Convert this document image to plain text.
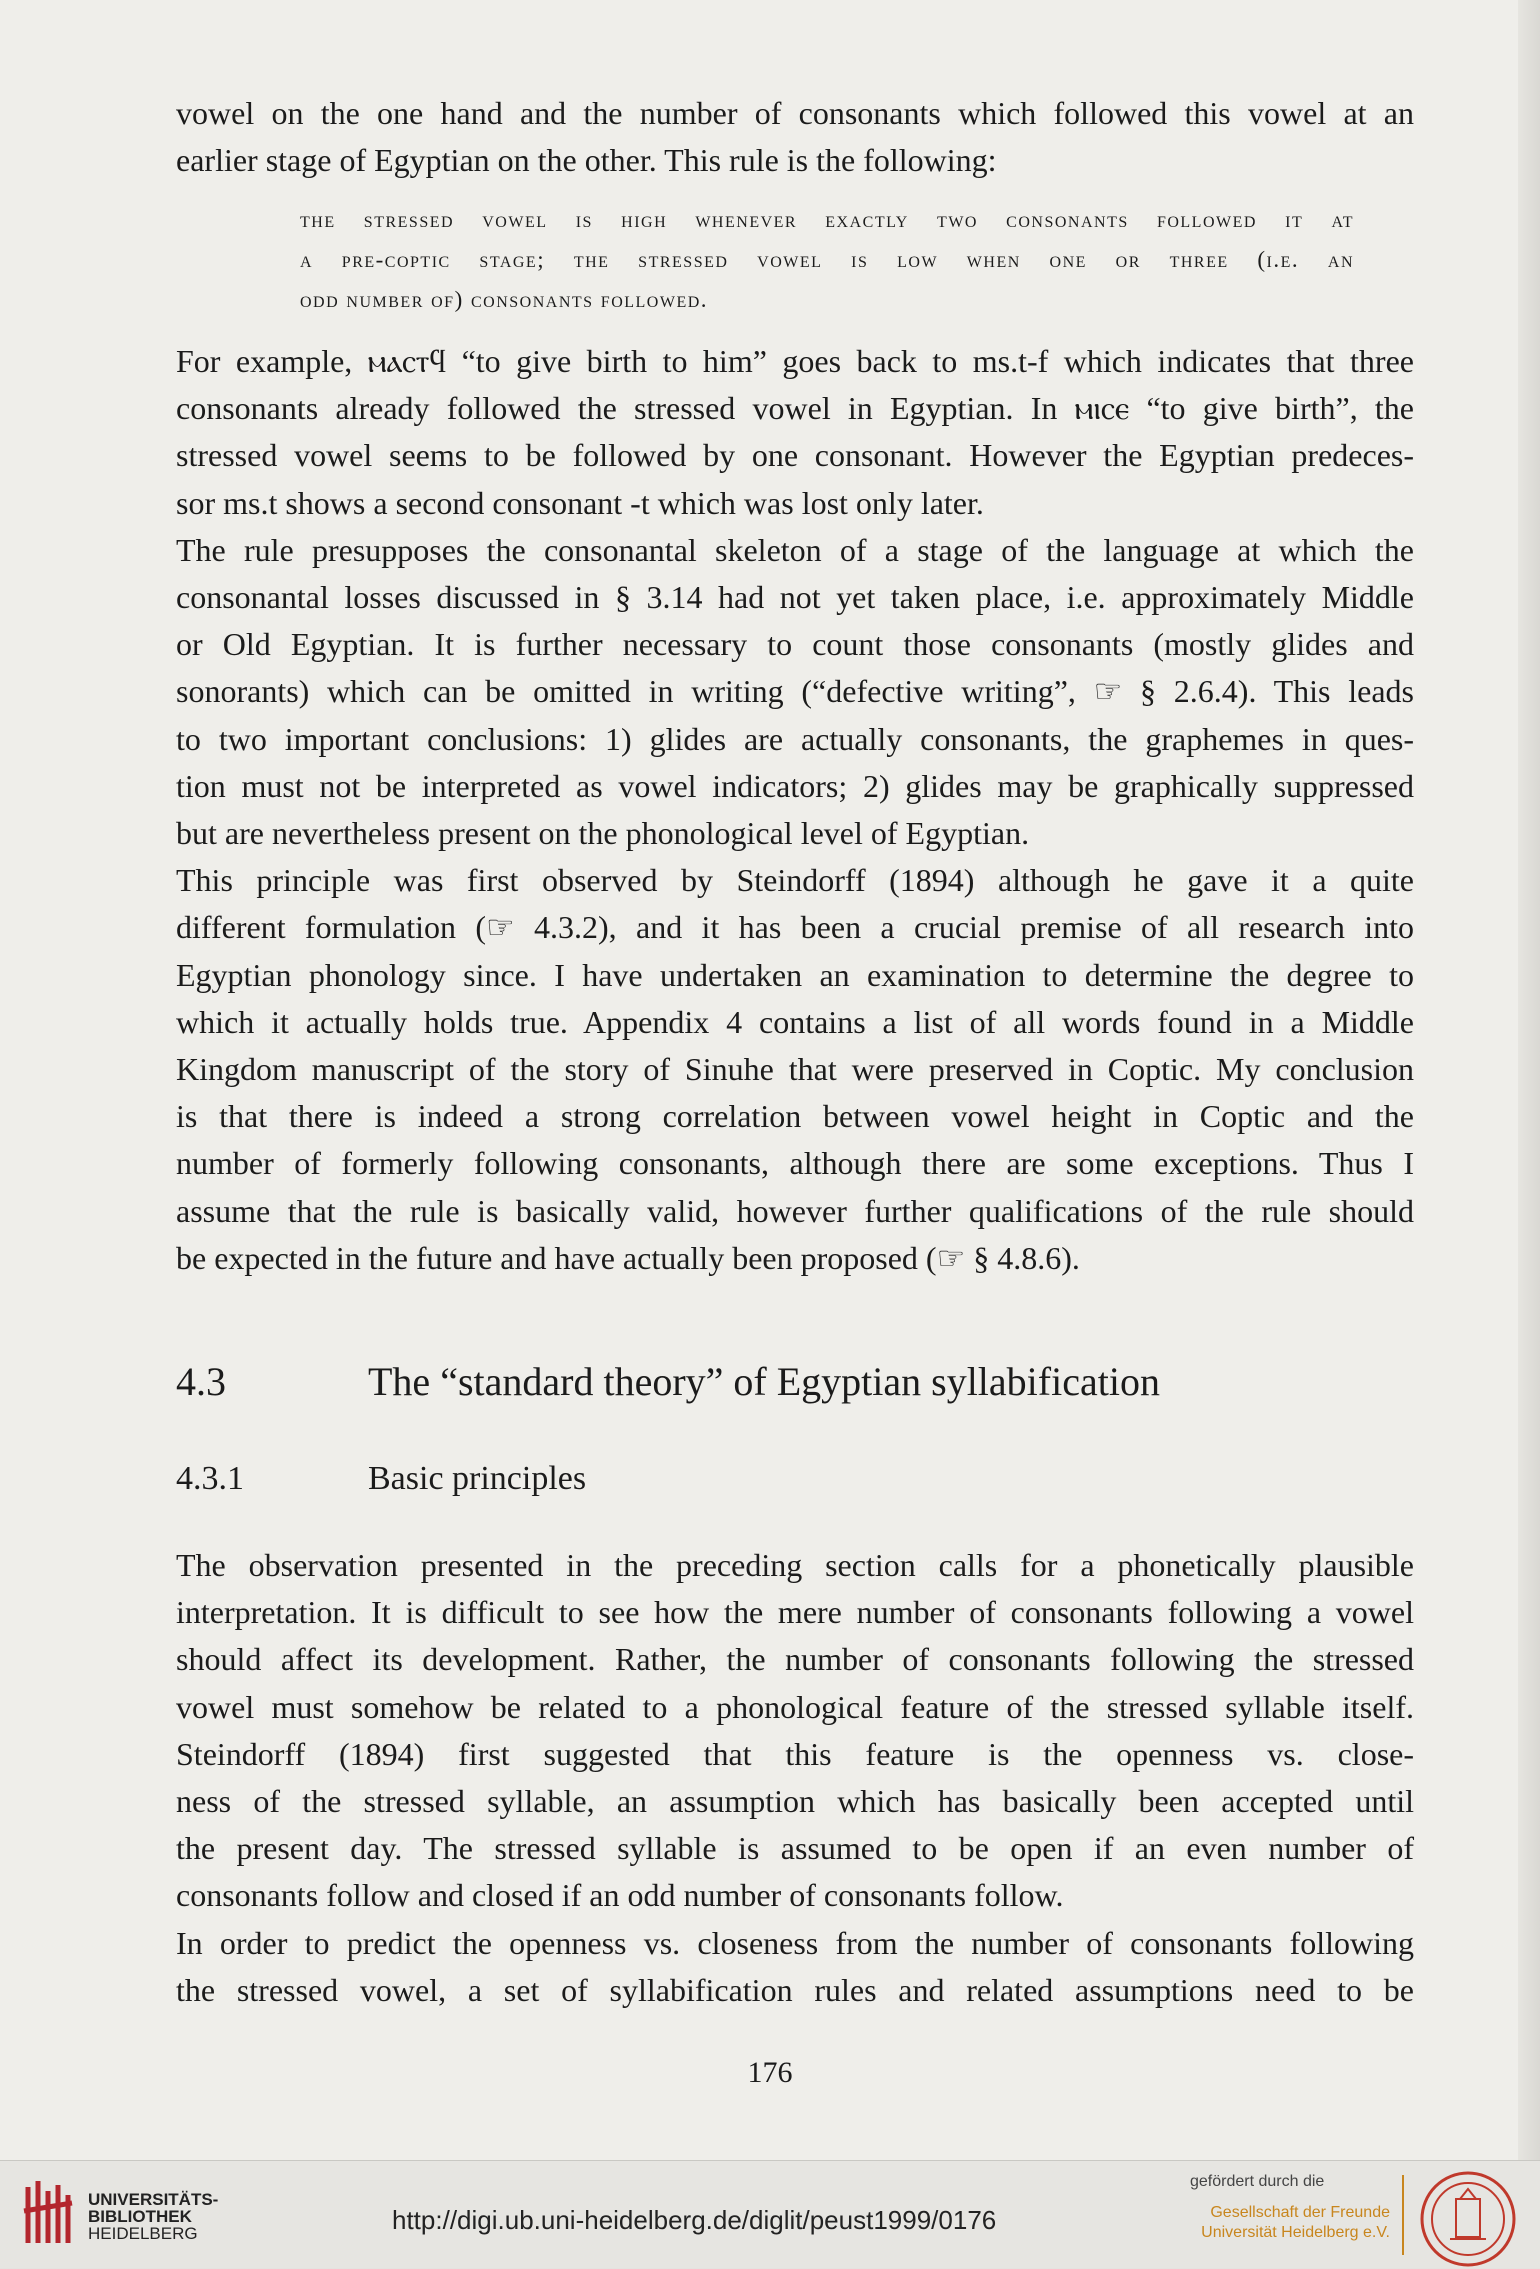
vowel on the one hand and the number of consonants which followed this vowel at an
earlier stage of Egyptian on the other. This rule is the following:
the stressed vowel is high whenever exactly two consonants followed it at
a pre-coptic stage; the stressed vowel is low when one or three (i.e. an
odd number of) consonants followed.
For example, ⲙⲁⲥⲧϥ “to give birth to him” goes back to ms.t-f which indicates that three
consonants already followed the stressed vowel in Egyptian. In ⲙⲓⲥⲉ “to give birth”, the
stressed vowel seems to be followed by one consonant. However the Egyptian predeces-
sor ms.t shows a second consonant -t which was lost only later.
The rule presupposes the consonantal skeleton of a stage of the language at which the
consonantal losses discussed in § 3.14 had not yet taken place, i.e. approximately Middle
or Old Egyptian. It is further necessary to count those consonants (mostly glides and
sonorants) which can be omitted in writing (“defective writing”, ☞ § 2.6.4). This leads
to two important conclusions: 1) glides are actually consonants, the graphemes in ques-
tion must not be interpreted as vowel indicators; 2) glides may be graphically suppressed
but are nevertheless present on the phonological level of Egyptian.
This principle was first observed by Steindorff (1894) although he gave it a quite
different formulation (☞ 4.3.2), and it has been a crucial premise of all research into
Egyptian phonology since. I have undertaken an examination to determine the degree to
which it actually holds true. Appendix 4 contains a list of all words found in a Middle
Kingdom manuscript of the story of Sinuhe that were preserved in Coptic. My conclusion
is that there is indeed a strong correlation between vowel height in Coptic and the
number of formerly following consonants, although there are some exceptions. Thus I
assume that the rule is basically valid, however further qualifications of the rule should
be expected in the future and have actually been proposed (☞ § 4.8.6).
4.3	The “standard theory” of Egyptian syllabification
4.3.1	Basic principles
The observation presented in the preceding section calls for a phonetically plausible
interpretation. It is difficult to see how the mere number of consonants following a vowel
should affect its development. Rather, the number of consonants following the stressed
vowel must somehow be related to a phonological feature of the stressed syllable itself.
Steindorff (1894) first suggested that this feature is the openness vs. close-
ness of the stressed syllable, an assumption which has basically been accepted until
the present day. The stressed syllable is assumed to be open if an even number of
consonants follow and closed if an odd number of consonants follow.
In order to predict the openness vs. closeness from the number of consonants following
the stressed vowel, a set of syllabification rules and related assumptions need to be
176
UNIVERSITÄTS-
BIBLIOTHEK
HEIDELBERG	http://digi.ub.uni-heidelberg.de/diglit/peust1999/0176
gefördert durch die
Gesellschaft der Freunde
Universität Heidelberg e.V.
